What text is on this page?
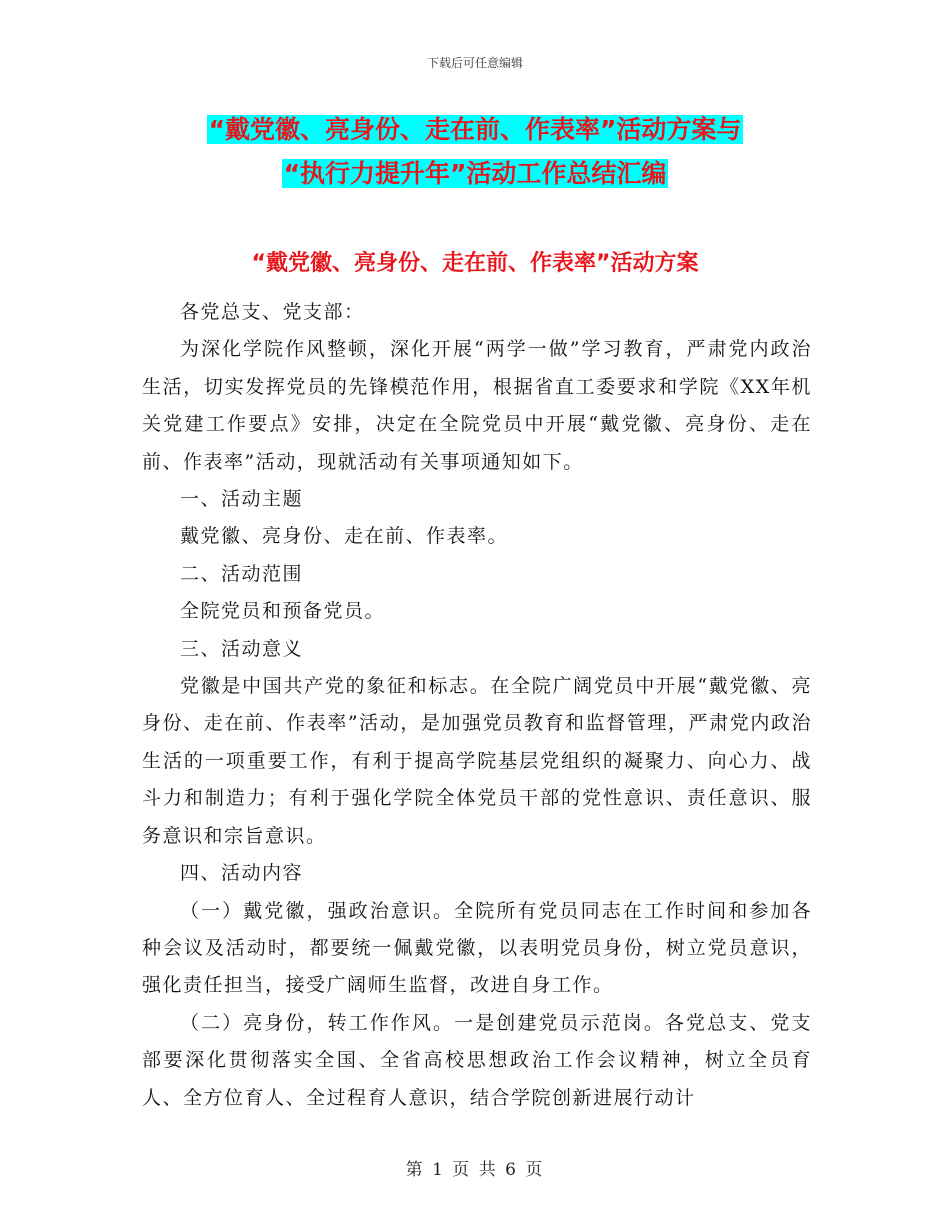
下载后可任意编辑
“戴党徽、亮身份、走在前、作表率”活动方案与
“执行力提升年”活动工作总结汇编
“戴党徽、亮身份、走在前、作表率”活动方案

各党总支、党支部：

为深化学院作风整顿，深化开展“两学一做”学习教育，严肃党内政治生活，切实发挥党员的先锋模范作用，根据省直工委要求和学院《XX年机关党建工作要点》安排，决定在全院党员中开展“戴党徽、亮身份、走在前、作表率”活动，现就活动有关事项通知如下。

一、活动主题

戴党徽、亮身份、走在前、作表率。

二、活动范围

全院党员和预备党员。

三、活动意义

党徽是中国共产党的象征和标志。在全院广阔党员中开展“戴党徽、亮身份、走在前、作表率”活动，是加强党员教育和监督管理，严肃党内政治生活的一项重要工作，有利于提高学院基层党组织的凝聚力、向心力、战斗力和制造力；有利于强化学院全体党员干部的党性意识、责任意识、服务意识和宗旨意识。

四、活动内容

（一）戴党徽，强政治意识。全院所有党员同志在工作时间和参加各种会议及活动时，都要统一佩戴党徽，以表明党员身份，树立党员意识，强化责任担当，接受广阔师生监督，改进自身工作。

（二）亮身份，转工作作风。一是创建党员示范岗。各党总支、党支部要深化贯彻落实全国、全省高校思想政治工作会议精神，树立全员育人、全方位育人、全过程育人意识，结合学院创新进展行动计

第 1 页 共 6 页
